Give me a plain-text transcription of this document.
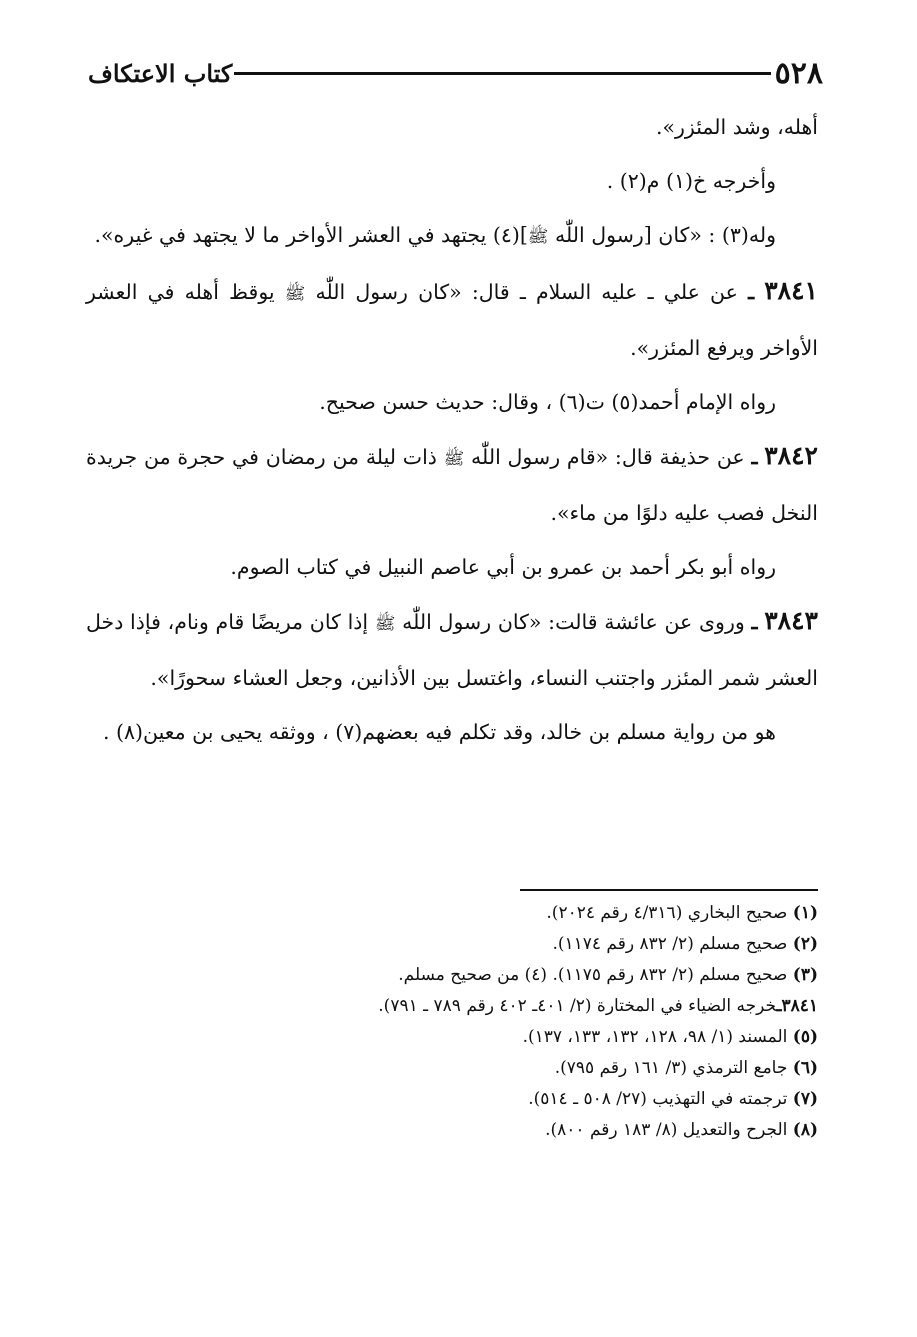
٥٢٨
كتاب الاعتكاف

أهله، وشد المئزر».

وأخرجه خ(١) م(٢) .

وله(٣) : «كان [رسول اللّٰه ﷺ](٤) يجتهد في العشر الأواخر ما لا يجتهد في غيره».

٣٨٤١ ـ عن علي ـ عليه السلام ـ قال: «كان رسول اللّٰه ﷺ يوقظ أهله في العشر الأواخر ويرفع المئزر».

رواه الإمام أحمد(٥) ت(٦) ، وقال: حديث حسن صحيح.

٣٨٤٢ ـ عن حذيفة قال: «قام رسول اللّٰه ﷺ ذات ليلة من رمضان في حجرة من جريدة النخل فصب عليه دلوًا من ماء».

رواه أبو بكر أحمد بن عمرو بن أبي عاصم النبيل في كتاب الصوم.

٣٨٤٣ ـ وروى عن عائشة قالت: «كان رسول اللّٰه ﷺ إذا كان مريضًا قام ونام، فإذا دخل العشر شمر المئزر واجتنب النساء، واغتسل بين الأذانين، وجعل العشاء سحورًا».

هو من رواية مسلم بن خالد، وقد تكلم فيه بعضهم(٧) ، ووثقه يحيى بن معين(٨) .

(١) صحيح البخاري (٤/٣١٦ رقم ٢٠٢٤).

(٢) صحيح مسلم (٢/ ٨٣٢ رقم ١١٧٤).

(٣) صحيح مسلم (٢/ ٨٣٢ رقم ١١٧٥). (٤) من صحيح مسلم.

٣٨٤١ـخرجه الضياء في المختارة (٢/ ٤٠١ـ ٤٠٢ رقم ٧٨٩ ـ ٧٩١).

(٥) المسند (١/ ٩٨، ١٢٨، ١٣٢، ١٣٣، ١٣٧).

(٦) جامع الترمذي (٣/ ١٦١ رقم ٧٩٥).

(٧) ترجمته في التهذيب (٢٧/ ٥٠٨ ـ ٥١٤).

(٨) الجرح والتعديل (٨/ ١٨٣ رقم ٨٠٠).
